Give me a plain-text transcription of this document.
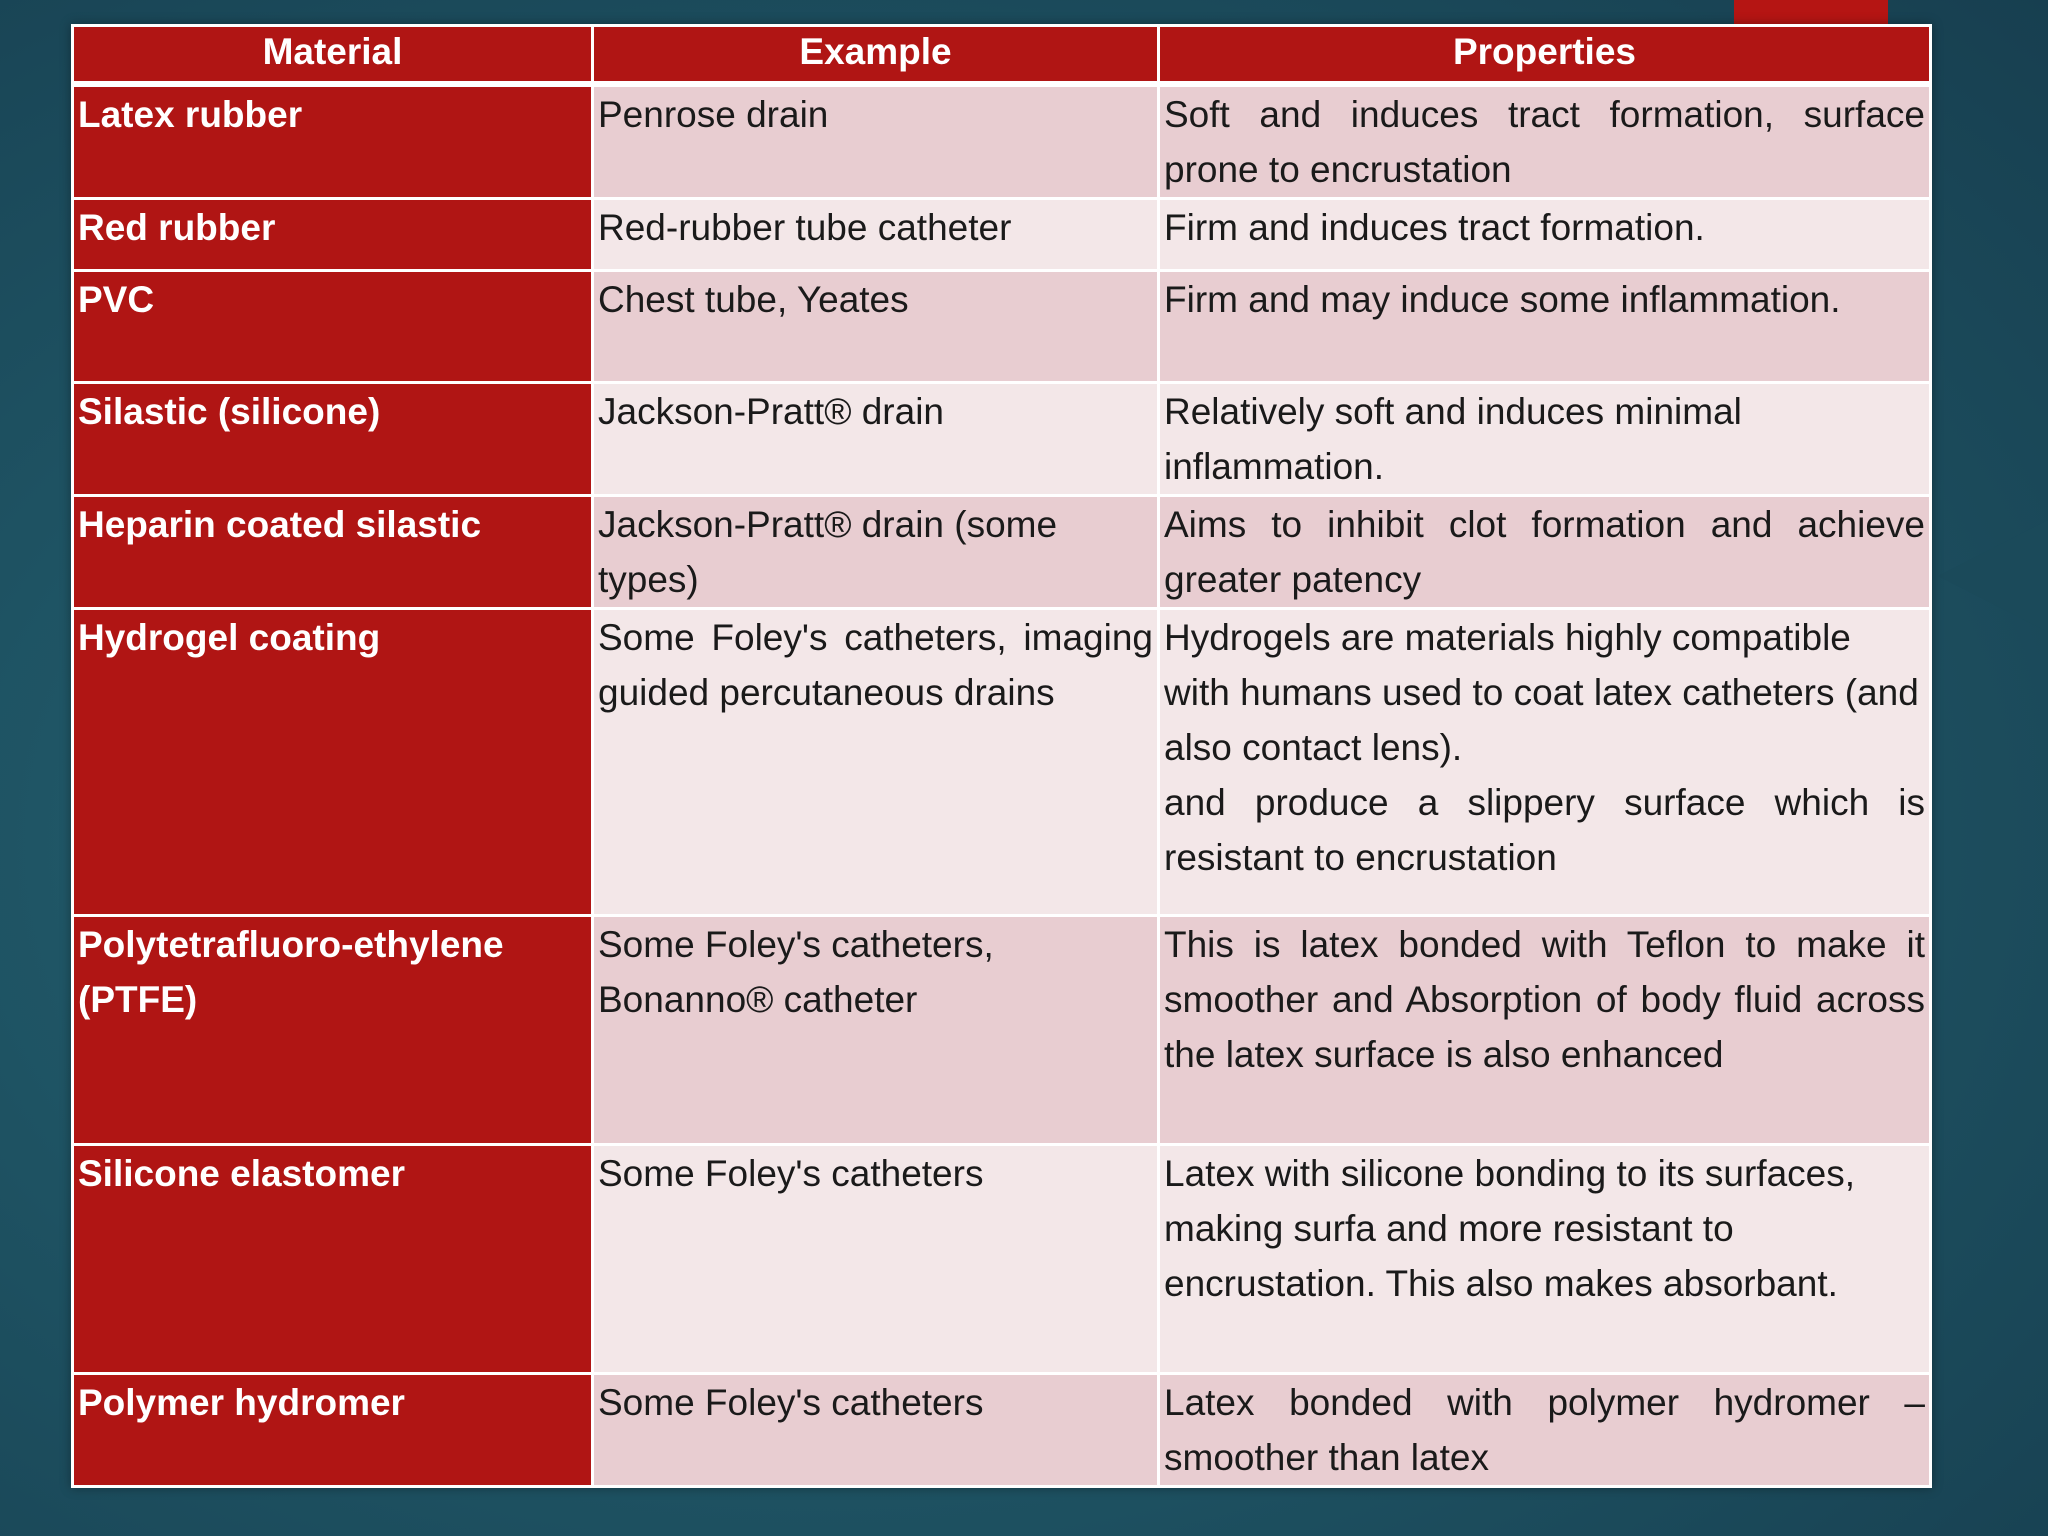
Material	Example	Properties
Latex rubber	Penrose drain	Soft and induces tract formation, surface prone to encrustation
Red rubber	Red-rubber tube catheter	Firm and induces tract formation.
PVC	Chest tube, Yeates	Firm and may induce some inflammation.
Silastic (silicone)	Jackson-Pratt® drain	Relatively soft and induces minimal inflammation.
Heparin coated silastic	Jackson-Pratt® drain (some types)	Aims to inhibit clot formation and achieve greater patency
Hydrogel coating	Some Foley's catheters, imaging guided percutaneous drains	Hydrogels are materials highly compatible with humans used to coat latex catheters (and also contact lens).
and produce a slippery surface which is resistant to encrustation

Polytetrafluoro-ethylene (PTFE)	Some Foley's catheters, Bonanno® catheter	This is latex bonded with Teflon to make it smoother and Absorption of body fluid across the latex surface is also enhanced
Silicone elastomer	Some Foley's catheters	Latex with silicone bonding to its surfaces, making surfa and more resistant to encrustation. This also makes absorbant.
Polymer hydromer	Some Foley's catheters	Latex bonded with polymer hydromer – smoother than latex
